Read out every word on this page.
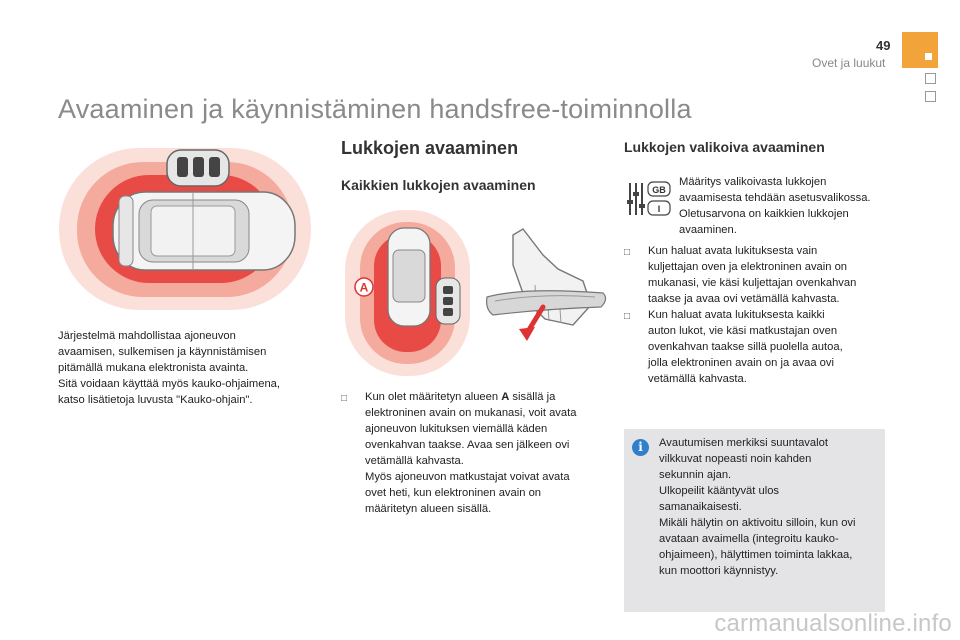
49
Ovet ja luukut
Avaaminen ja käynnistäminen handsfree-toiminnolla

Järjestelmä mahdollistaa ajoneuvon

avaamisen, sulkemisen ja käynnistämisen

pitämällä mukana elektronista avainta.

Sitä voidaan käyttää myös kauko-ohjaimena,

katso lisätietoja luvusta "Kauko-ohjain".

Lukkojen avaaminen
Kaikkien lukkojen avaaminen
A
□ Kun olet määritetyn alueen A sisällä ja

elektroninen avain on mukanasi, voit avata

ajoneuvon lukituksen viemällä käden

ovenkahvan taakse. Avaa sen jälkeen ovi

vetämällä kahvasta.

Myös ajoneuvon matkustajat voivat avata

ovet heti, kun elektroninen avain on

määritetyn alueen sisällä.

Lukkojen valikoiva avaaminen
GB
I

Määritys valikoivasta lukkojen

avaamisesta tehdään asetusvalikossa.

Oletusarvona on kaikkien lukkojen

avaaminen.

□ Kun haluat avata lukituksesta vain

kuljettajan oven ja elektroninen avain on

mukanasi, vie käsi kuljettajan ovenkahvan

taakse ja avaa ovi vetämällä kahvasta.

□ Kun haluat avata lukituksesta kaikki

auton lukot, vie käsi matkustajan oven

ovenkahvan taakse sillä puolella autoa,

jolla elektroninen avain on ja avaa ovi

vetämällä kahvasta.

i	Avautumisen merkiksi suuntavalot

vilkkuvat nopeasti noin kahden

sekunnin ajan.

Ulkopeilit kääntyvät ulos

samanaikaisesti.

Mikäli hälytin on aktivoitu silloin, kun ovi

avataan avaimella (integroitu kauko-

ohjaimeen), hälyttimen toiminta lakkaa,

kun moottori käynnistyy.

carmanualsonline.info
